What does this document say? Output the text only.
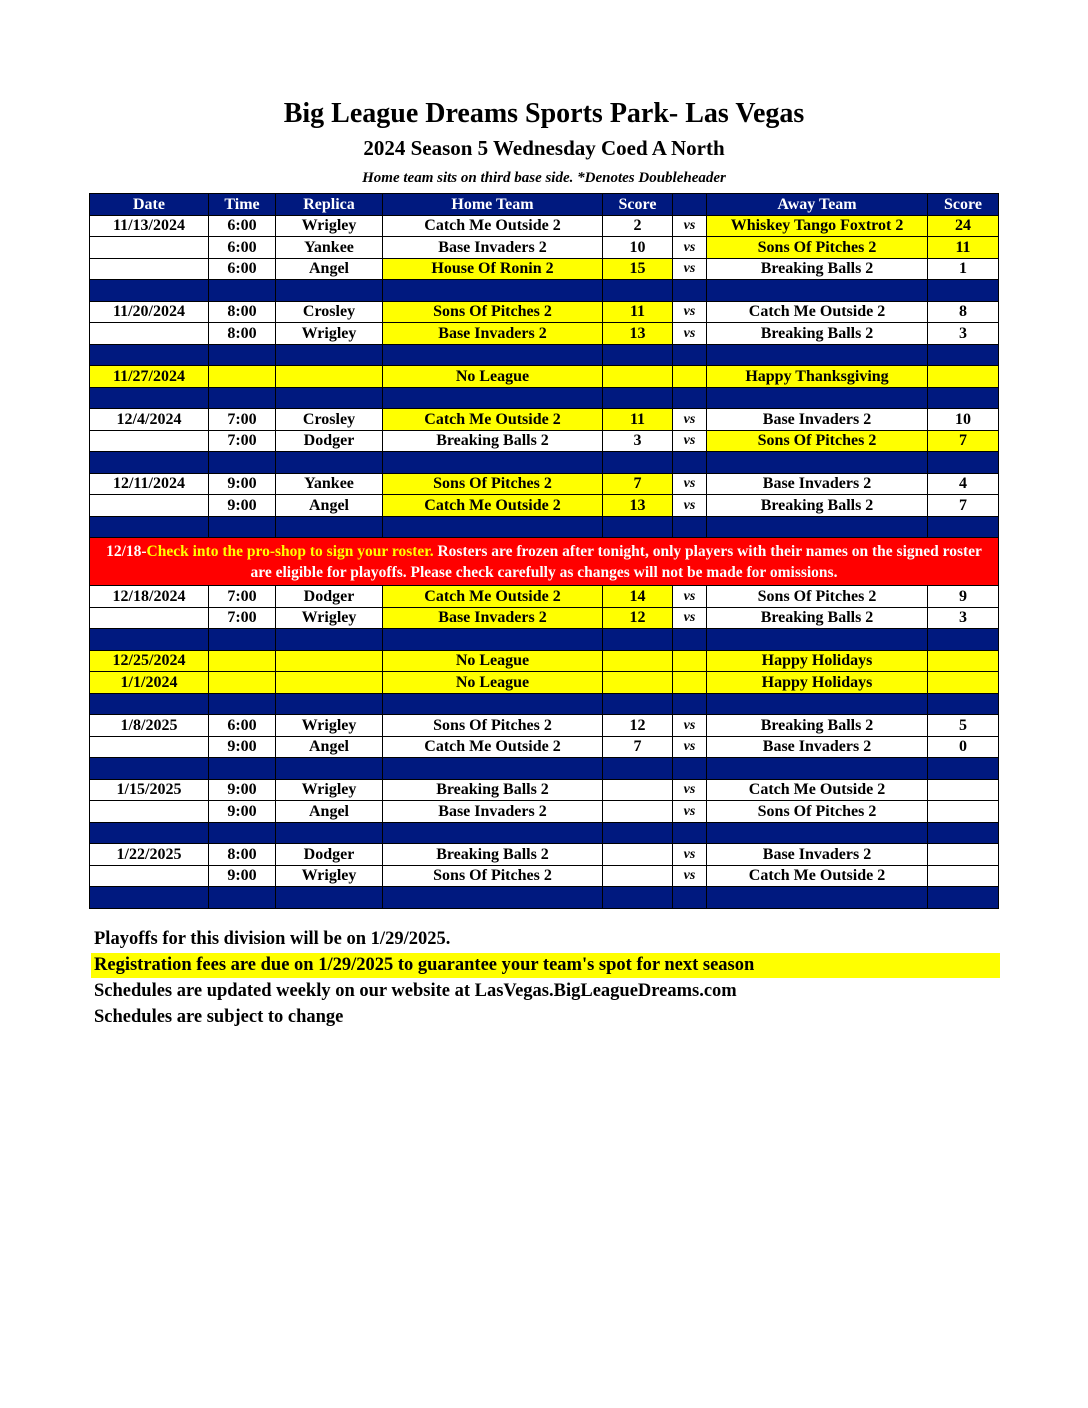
Big League Dreams Sports Park- Las Vegas
2024 Season 5 Wednesday Coed A North

Home team sits on third base side. *Denotes Doubleheader

Date	Time	Replica	Home Team	Score		Away Team	Score
11/13/2024	6:00	Wrigley	Catch Me Outside 2	2	vs	Whiskey Tango Foxtrot 2	24
	6:00	Yankee	Base Invaders 2	10	vs	Sons Of Pitches 2	11
	6:00	Angel	House Of Ronin 2	15	vs	Breaking Balls 2	1

11/20/2024	8:00	Crosley	Sons Of Pitches 2	11	vs	Catch Me Outside 2	8
	8:00	Wrigley	Base Invaders 2	13	vs	Breaking Balls 2	3

11/27/2024			No League			Happy Thanksgiving	

12/4/2024	7:00	Crosley	Catch Me Outside 2	11	vs	Base Invaders 2	10
	7:00	Dodger	Breaking Balls 2	3	vs	Sons Of Pitches 2	7

12/11/2024	9:00	Yankee	Sons Of Pitches 2	7	vs	Base Invaders 2	4
	9:00	Angel	Catch Me Outside 2	13	vs	Breaking Balls 2	7

12/18-Check into the pro-shop to sign your roster. Rosters are frozen after tonight, only players with their names on the signed roster are eligible for playoffs. Please check carefully as changes will not be made for omissions.							
12/18/2024	7:00	Dodger	Catch Me Outside 2	14	vs	Sons Of Pitches 2	9
	7:00	Wrigley	Base Invaders 2	12	vs	Breaking Balls 2	3

12/25/2024			No League			Happy Holidays	
1/1/2024			No League			Happy Holidays	

1/8/2025	6:00	Wrigley	Sons Of Pitches 2	12	vs	Breaking Balls 2	5
	9:00	Angel	Catch Me Outside 2	7	vs	Base Invaders 2	0

1/15/2025	9:00	Wrigley	Breaking Balls 2		vs	Catch Me Outside 2	
	9:00	Angel	Base Invaders 2		vs	Sons Of Pitches 2	

1/22/2025	8:00	Dodger	Breaking Balls 2		vs	Base Invaders 2	
	9:00	Wrigley	Sons Of Pitches 2		vs	Catch Me Outside 2	

Playoffs for this division will be on 1/29/2025.
Registration fees are due on 1/29/2025 to guarantee your team's spot for next season
Schedules are updated weekly on our website at LasVegas.BigLeagueDreams.com
Schedules are subject to change
